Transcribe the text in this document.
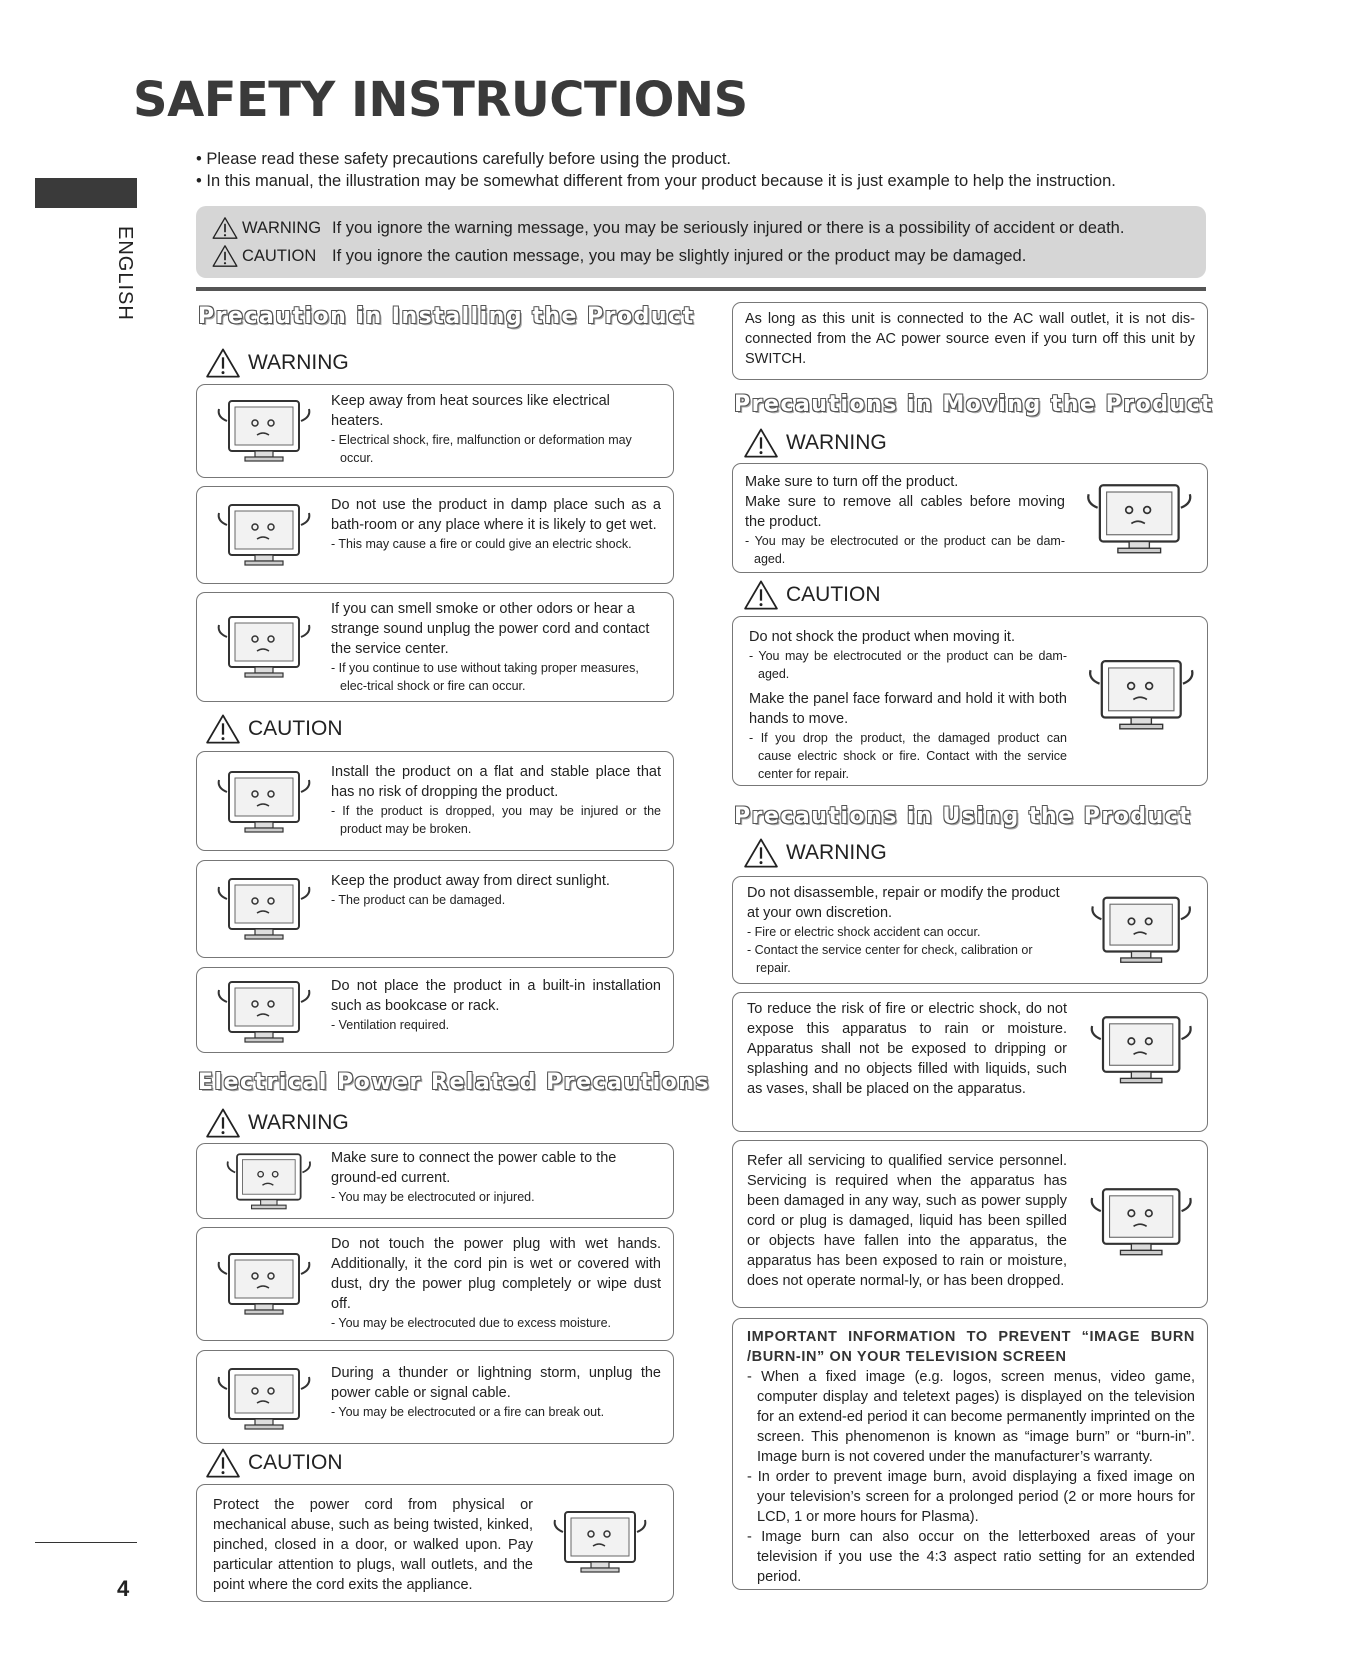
SAFETY INSTRUCTIONS
• Please read these safety precautions carefully before using the product.
• In this manual, the illustration may be somewhat different from your product because it is just example to help the instruction.
ENGLISH	WARNING If you ignore the warning message, you may be seriously injured or there is a possibility of accident or death.
CAUTION If you ignore the caution message, you may be slightly injured or the product may be damaged.
Precaution in Installing the Product
WARNING
Keep away from heat sources like electrical heaters.
- Electrical shock, fire, malfunction or deformation may occur.
Do not use the product in damp place such as a bath-room or any place where it is likely to get wet.
- This may cause a fire or could give an electric shock.
If you can smell smoke or other odors or hear a strange sound unplug the power cord and contact the service center.
- If you continue to use without taking proper measures, elec-trical shock or fire can occur.
CAUTION
Install the product on a flat and stable place that has no risk of dropping the product.
- If the product is dropped, you may be injured or the product may be broken.
Keep the product away from direct sunlight.
- The product can be damaged.
Do not place the product in a built-in installation such as bookcase or rack.
- Ventilation required.
Electrical Power Related Precautions
WARNING
Make sure to connect the power cable to the ground-ed current.
- You may be electrocuted or injured.
Do not touch the power plug with wet hands. Additionally, it the cord pin is wet or covered with dust, dry the power plug completely or wipe dust off.
- You may be electrocuted due to excess moisture.
During a thunder or lightning storm, unplug the power cable or signal cable.
- You may be electrocuted or a fire can break out.
CAUTION
Protect the power cord from physical or mechanical abuse, such as being twisted, kinked, pinched, closed in a door, or walked upon. Pay particular attention to plugs, wall outlets, and the point where the cord exits the appliance.
As long as this unit is connected to the AC wall outlet, it is not dis-connected from the AC power source even if you turn off this unit by SWITCH.
Precautions in Moving the Product
WARNING
Make sure to turn off the product.
Make sure to remove all cables before moving the product.
- You may be electrocuted or the product can be dam-aged.
CAUTION
Do not shock the product when moving it.
- You may be electrocuted or the product can be dam-aged.
Make the panel face forward and hold it with both hands to move.
- If you drop the product, the damaged product can cause electric shock or fire. Contact with the service center for repair.
Precautions in Using the Product
WARNING
Do not disassemble, repair or modify the product at your own discretion.
- Fire or electric shock accident can occur.
- Contact the service center for check, calibration or repair.
To reduce the risk of fire or electric shock, do not expose this apparatus to rain or moisture. Apparatus shall not be exposed to dripping or splashing and no objects filled with liquids, such as vases, shall be placed on the apparatus.
Refer all servicing to qualified service personnel. Servicing is required when the apparatus has been damaged in any way, such as power supply cord or plug is damaged, liquid has been spilled or objects have fallen into the apparatus, the apparatus has been exposed to rain or moisture, does not operate normal-ly, or has been dropped.
IMPORTANT INFORMATION TO PREVENT “IMAGE BURN /BURN-IN” ON YOUR TELEVISION SCREEN
- When a fixed image (e.g. logos, screen menus, video game, computer display and teletext pages) is displayed on the television for an extend-ed period it can become permanently imprinted on the screen. This phenomenon is known as “image burn” or “burn-in”. Image burn is not covered under the manufacturer’s warranty.
- In order to prevent image burn, avoid displaying a fixed image on your television’s screen for a prolonged period (2 or more hours for LCD, 1 or more hours for Plasma).
- Image burn can also occur on the letterboxed areas of your television if you use the 4:3 aspect ratio setting for an extended period.
4
